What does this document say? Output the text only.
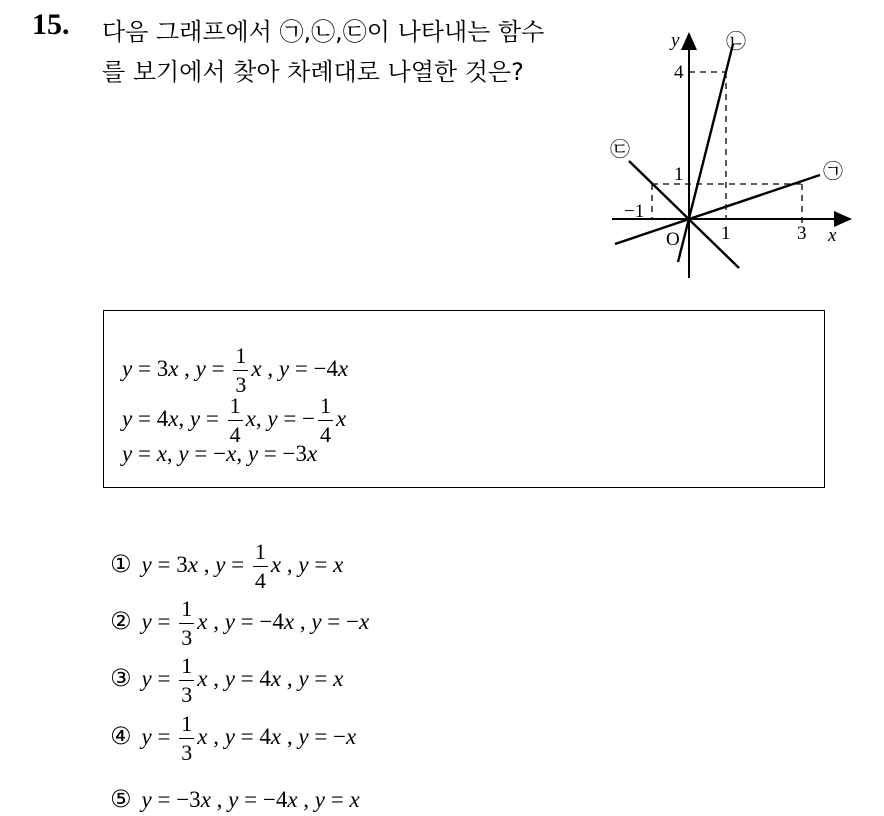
15. 다음 그래프에서 ㉠,㉡,㉢이 나타내는 함수
를 보기에서 찾아 차례대로 나열한 것은?
y
x
O
4
1
−1
1	3
㉡
㉢
㉠
y = 3x , $y = \frac{1}{3}$ x , y = −4x
y = 4x, $y = \frac{1}{4} x$, y = − $\frac{1}{4}$ x
y = x, y = −x, y = −3x
① y = 3x , $y = \frac{1}{4}$ x , y = x
② $y = \frac{1}{3}$ x , y = −4x , y = −x
③ $y = \frac{1}{3}$ x , y = 4x , y = x
④ $y = \frac{1}{3}$ x , y = 4x , y = −x
⑤ y = −3x , y = −4x , y = x
